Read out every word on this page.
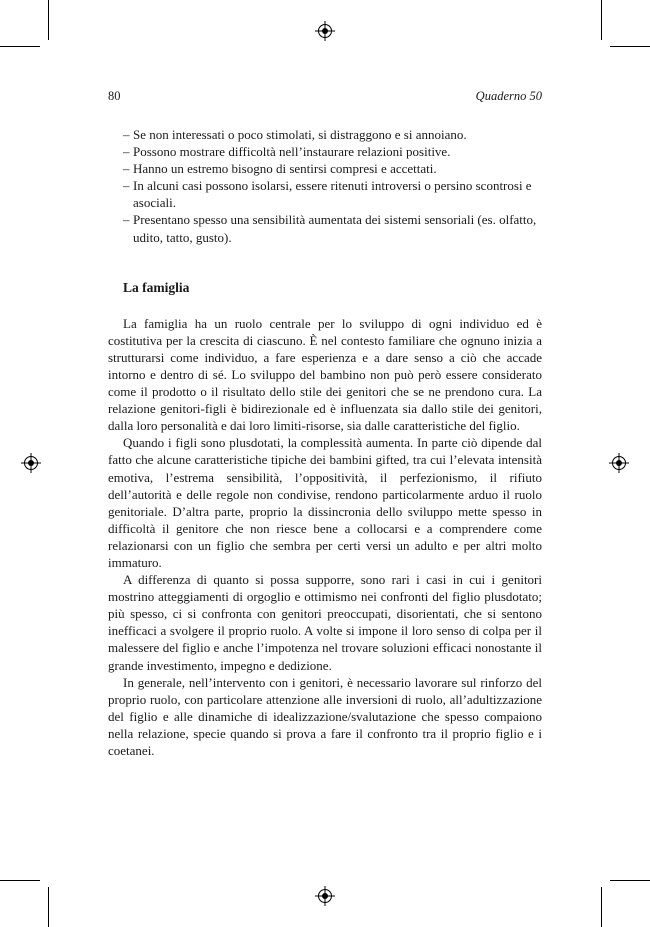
80	Quaderno 50
– Se non interessati o poco stimolati, si distraggono e si annoiano.
– Possono mostrare difficoltà nell’instaurare relazioni positive.
– Hanno un estremo bisogno di sentirsi compresi e accettati.
– In alcuni casi possono isolarsi, essere ritenuti introversi o persino scontrosi e asociali.
– Presentano spesso una sensibilità aumentata dei sistemi sensoriali (es. olfatto, udito, tatto, gusto).
La famiglia

La famiglia ha un ruolo centrale per lo sviluppo di ogni individuo ed è costitutiva per la crescita di ciascuno. È nel contesto familiare che ognuno inizia a strutturarsi come individuo, a fare esperienza e a dare senso a ciò che accade intorno e dentro di sé. Lo sviluppo del bambino non può però essere considerato come il prodotto o il risultato dello stile dei genitori che se ne prendono cura. La relazione genitori-figli è bidirezionale ed è influenzata sia dallo stile dei genitori, dalla loro personalità e dai loro limiti-risorse, sia dalle caratteristiche del figlio.

Quando i figli sono plusdotati, la complessità aumenta. In parte ciò dipende dal fatto che alcune caratteristiche tipiche dei bambini gifted, tra cui l’elevata intensità emotiva, l’estrema sensibilità, l’oppositività, il perfezionismo, il rifiuto dell’autorità e delle regole non condivise, rendono particolarmente arduo il ruolo genitoriale. D’altra parte, proprio la dissincronia dello sviluppo mette spesso in difficoltà il genitore che non riesce bene a collocarsi e a comprendere come relazionarsi con un figlio che sembra per certi versi un adulto e per altri molto immaturo.

A differenza di quanto si possa supporre, sono rari i casi in cui i genitori mostrino atteggiamenti di orgoglio e ottimismo nei confronti del figlio plusdotato; più spesso, ci si confronta con genitori preoccupati, disorientati, che si sentono inefficaci a svolgere il proprio ruolo. A volte si impone il loro senso di colpa per il malessere del figlio e anche l’impotenza nel trovare soluzioni efficaci nonostante il grande investimento, impegno e dedizione.

In generale, nell’intervento con i genitori, è necessario lavorare sul rinforzo del proprio ruolo, con particolare attenzione alle inversioni di ruolo, all’adultizzazione del figlio e alle dinamiche di idealizzazione/svalutazione che spesso compaiono nella relazione, specie quando si prova a fare il confronto tra il proprio figlio e i coetanei.
